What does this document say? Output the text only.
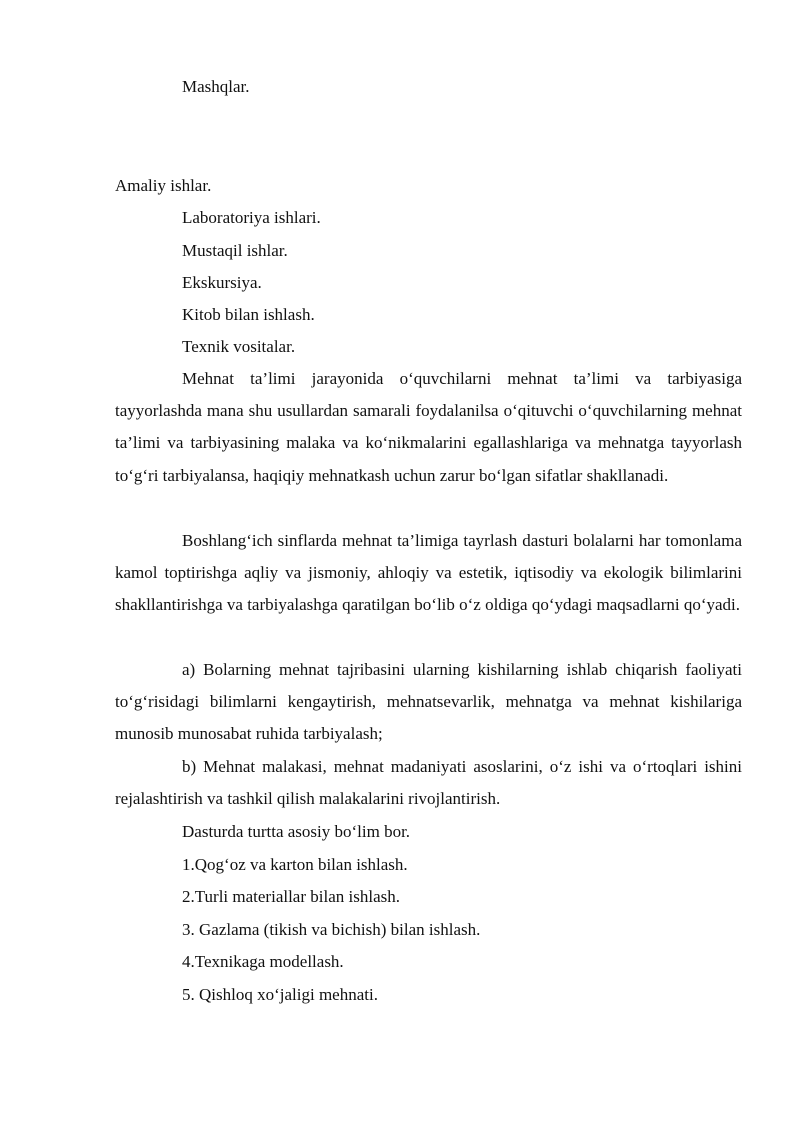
Mashqlar.
Amaliy ishlar.
Laboratoriya ishlari.
Mustaqil ishlar.
Ekskursiya.
Kitob bilan ishlash.
Texnik vositalar.

Mehnat ta’limi jarayonida o‘quvchilarni mehnat ta’limi va tarbiyasiga tayyorlashda mana shu usullardan samarali foydalanilsa o‘qituvchi o‘quvchilarning mehnat ta’limi va tarbiyasining malaka va ko‘nikmalarini egallashlariga va mehnatga tayyorlash to‘g‘ri tarbiyalansa, haqiqiy mehnatkash uchun zarur bo‘lgan sifatlar shakllanadi.

Boshlang‘ich sinflarda mehnat ta’limiga tayrlash dasturi bolalarni har tomonlama kamol toptirishga aqliy va jismoniy, ahloqiy va estetik, iqtisodiy va ekologik bilimlarini shakllantirishga va tarbiyalashga qaratilgan bo‘lib o‘z oldiga qo‘ydagi maqsadlarni qo‘yadi.

a) Bolarning mehnat tajribasini ularning kishilarning ishlab chiqarish faoliyati to‘g‘risidagi bilimlarni kengaytirish, mehnatsevarlik, mehnatga va mehnat kishilariga munosib munosabat ruhida tarbiyalash;

b) Mehnat malakasi, mehnat madaniyati asoslarini, o‘z ishi va o‘rtoqlari ishini rejalashtirish va tashkil qilish malakalarini rivojlantirish.

Dasturda turtta asosiy bo‘lim bor.
1.Qog‘oz va karton bilan ishlash.
2.Turli materiallar bilan ishlash.
3. Gazlama (tikish va bichish) bilan ishlash.
4.Texnikaga modellash.
5. Qishloq xo‘jaligi mehnati.
